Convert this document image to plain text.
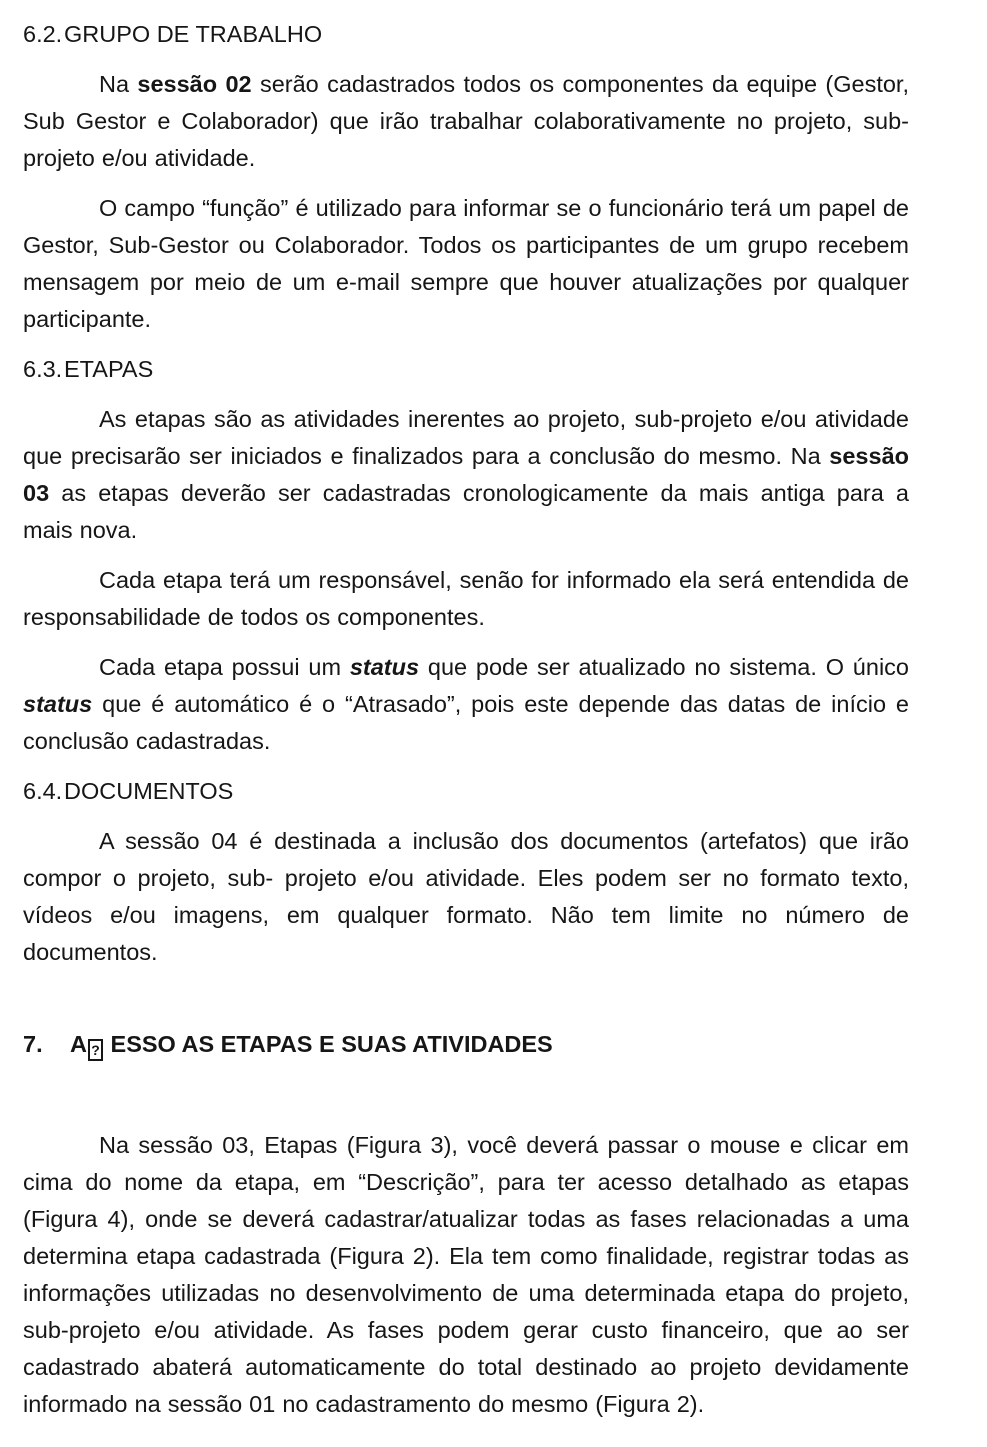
6.2. GRUPO DE TRABALHO

Na sessão 02 serão cadastrados todos os componentes da equipe (Gestor, Sub Gestor e Colaborador) que irão trabalhar colaborativamente no projeto, sub-projeto e/ou atividade.

O campo “função” é utilizado para informar se o funcionário terá um papel de Gestor, Sub-Gestor ou Colaborador. Todos os participantes de um grupo recebem mensagem por meio de um e-mail sempre que houver atualizações por qualquer participante.

6.3. ETAPAS

As etapas são as atividades inerentes ao projeto, sub-projeto e/ou atividade que precisarão ser iniciados e finalizados para a conclusão do mesmo. Na sessão 03 as etapas deverão ser cadastradas cronologicamente da mais antiga para a mais nova.

Cada etapa terá um responsável, senão for informado ela será entendida de responsabilidade de todos os componentes.

Cada etapa possui um status que pode ser atualizado no sistema. O único status que é automático é o “Atrasado”, pois este depende das datas de início e conclusão cadastradas.

6.4. DOCUMENTOS

A sessão 04 é destinada a inclusão dos documentos (artefatos) que irão compor o projeto, sub- projeto e/ou atividade. Eles podem ser no formato texto, vídeos e/ou imagens, em qualquer formato. Não tem limite no número de documentos.

7.	A ? ESSO AS ETAPAS E SUAS ATIVIDADES

Na sessão 03, Etapas (Figura 3), você deverá passar o mouse e clicar em cima do nome da etapa, em “Descrição”, para ter acesso detalhado as etapas (Figura 4), onde se deverá cadastrar/atualizar todas as fases relacionadas a uma determina etapa cadastrada (Figura 2). Ela tem como finalidade, registrar todas as informações utilizadas no desenvolvimento de uma determinada etapa do projeto, sub-projeto e/ou atividade. As fases podem gerar custo financeiro, que ao ser cadastrado abaterá automaticamente do total destinado ao projeto devidamente informado na sessão 01 no cadastramento do mesmo (Figura 2).
